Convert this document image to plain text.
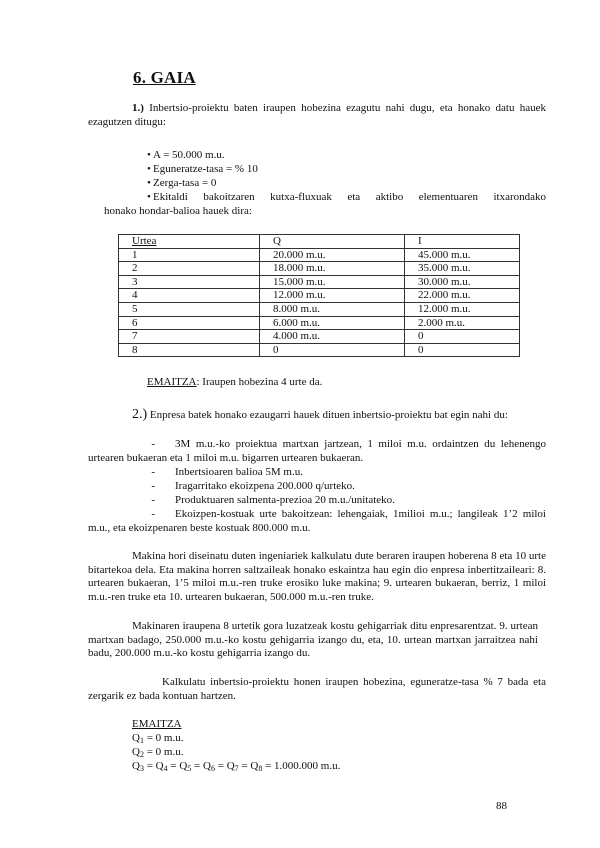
6. GAIA
1.) Inbertsio-proiektu baten iraupen hobezina ezagutu nahi dugu, eta honako datu hauek ezagutzen ditugu:
• A = 50.000 m.u.
• Eguneratze-tasa = % 10
• Zerga-tasa = 0
• Ekitaldi bakoitzaren kutxa-fluxuak eta aktibo elementuaren itxarondako
honako hondar-balioa hauek dira:
Urtea	Q	I
1	20.000 m.u.	45.000 m.u.
2	18.000 m.u.	35.000 m.u.
3	15.000 m.u.	30.000 m.u.
4	12.000 m.u.	22.000 m.u.
5	8.000 m.u.	12.000 m.u.
6	6.000 m.u.	2.000 m.u.
7	4.000 m.u.	0
8	0	0
EMAITZA: Iraupen hobezina 4 urte da.
2.) Enpresa batek honako ezaugarri hauek dituen inbertsio-proiektu bat egin nahi du:
- 3M m.u.-ko proiektua martxan jartzean, 1 miloi m.u. ordaintzen du lehenengo urtearen bukaeran eta 1 miloi m.u. bigarren urtearen bukaeran.
- Inbertsioaren balioa 5M m.u.
- Iragarritako ekoizpena 200.000 q/urteko.
- Produktuaren salmenta-prezioa 20 m.u./unitateko.
- Ekoizpen-kostuak urte bakoitzean: lehengaiak, 1milioi m.u.; langileak 1’2 miloi m.u., eta ekoizpenaren beste kostuak 800.000 m.u.
Makina hori diseinatu duten ingeniariek kalkulatu dute beraren iraupen hoberena 8 eta 10 urte bitartekoa dela. Eta makina horren saltzaileak honako eskaintza hau egin dio enpresa inbertitzaileari: 8. urtearen bukaeran, 1’5 miloi m.u.-ren truke erosiko luke makina; 9. urtearen bukaeran, berriz, 1 miloi m.u.-ren truke eta 10. urtearen bukaeran, 500.000 m.u.-ren truke.
Makinaren iraupena 8 urtetik gora luzatzeak kostu gehigarriak ditu enpresarentzat. 9. urtean martxan badago, 250.000 m.u.-ko kostu gehigarria izango du, eta, 10. urtean martxan jarraitzea nahi badu, 200.000 m.u.-ko kostu gehigarria izango du.
Kalkulatu inbertsio-proiektu honen iraupen hobezina, eguneratze-tasa % 7 bada eta zergarik ez bada kontuan hartzen.
EMAITZA
$Q_1 = 0$ m.u.
$Q_2 = 0$ m.u.
$Q_3 = Q_4 = Q_5 = Q_6 = Q_7 = Q_8 = 1.000.000$ m.u.
88
